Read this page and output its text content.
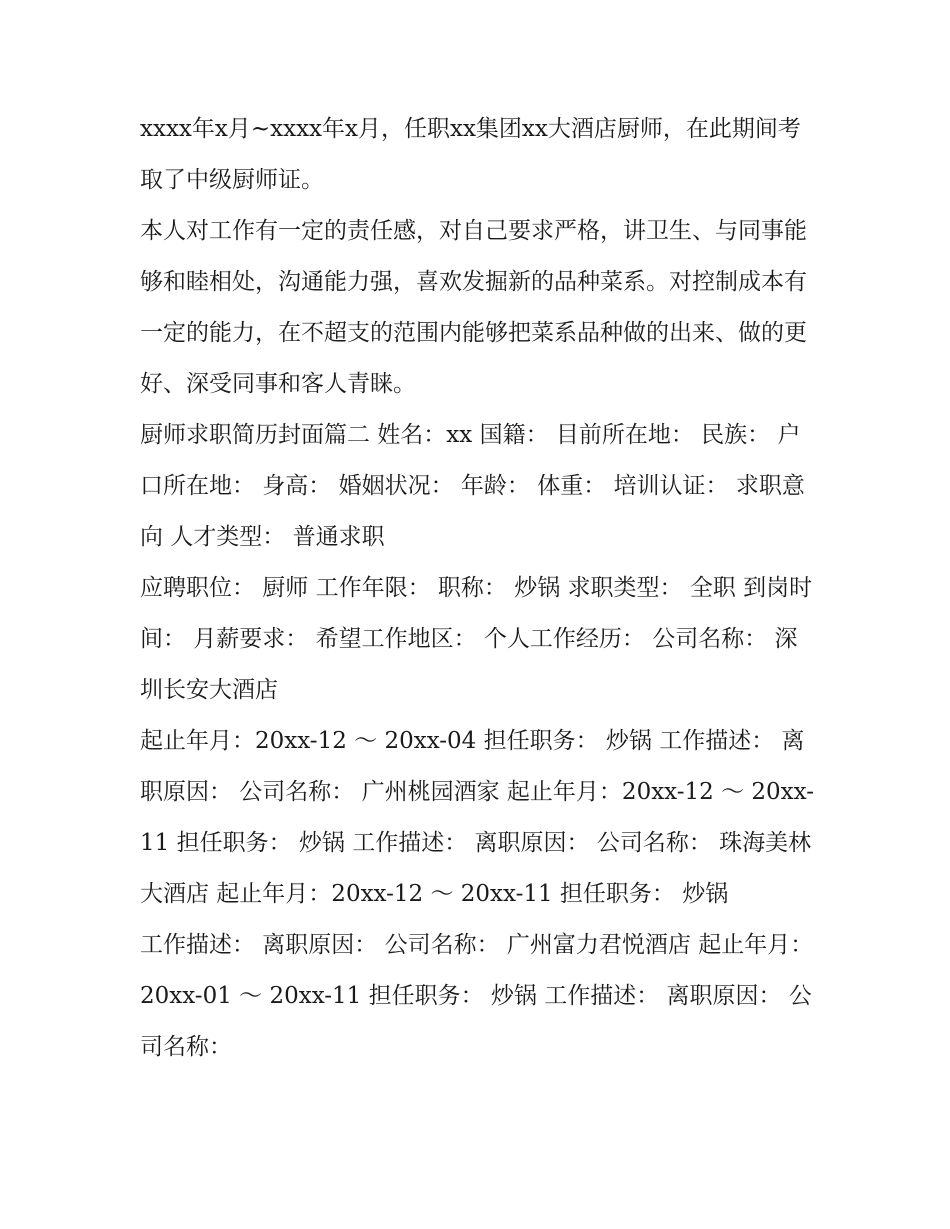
xxxx年x月~xxxx年x月，任职xx集团xx大酒店厨师，在此期间考取了中级厨师证。

本人对工作有一定的责任感，对自己要求严格，讲卫生、与同事能够和睦相处，沟通能力强，喜欢发掘新的品种菜系。对控制成本有一定的能力，在不超支的范围内能够把菜系品种做的出来、做的更好、深受同事和客人青睐。

厨师求职简历封面篇二 姓名：xx 国籍： 目前所在地： 民族： 户口所在地： 身高： 婚姻状况： 年龄： 体重： 培训认证： 求职意向 人才类型： 普通求职

应聘职位： 厨师 工作年限： 职称： 炒锅 求职类型： 全职 到岗时间： 月薪要求： 希望工作地区： 个人工作经历： 公司名称： 深圳长安大酒店

起止年月：20xx-12 ～ 20xx-04 担任职务： 炒锅 工作描述： 离职原因： 公司名称： 广州桃园酒家 起止年月：20xx-12 ～ 20xx-11 担任职务： 炒锅 工作描述： 离职原因： 公司名称： 珠海美林大酒店 起止年月：20xx-12 ～ 20xx-11 担任职务： 炒锅

工作描述： 离职原因： 公司名称： 广州富力君悦酒店 起止年月：20xx-01 ～ 20xx-11 担任职务： 炒锅 工作描述： 离职原因： 公司名称：
